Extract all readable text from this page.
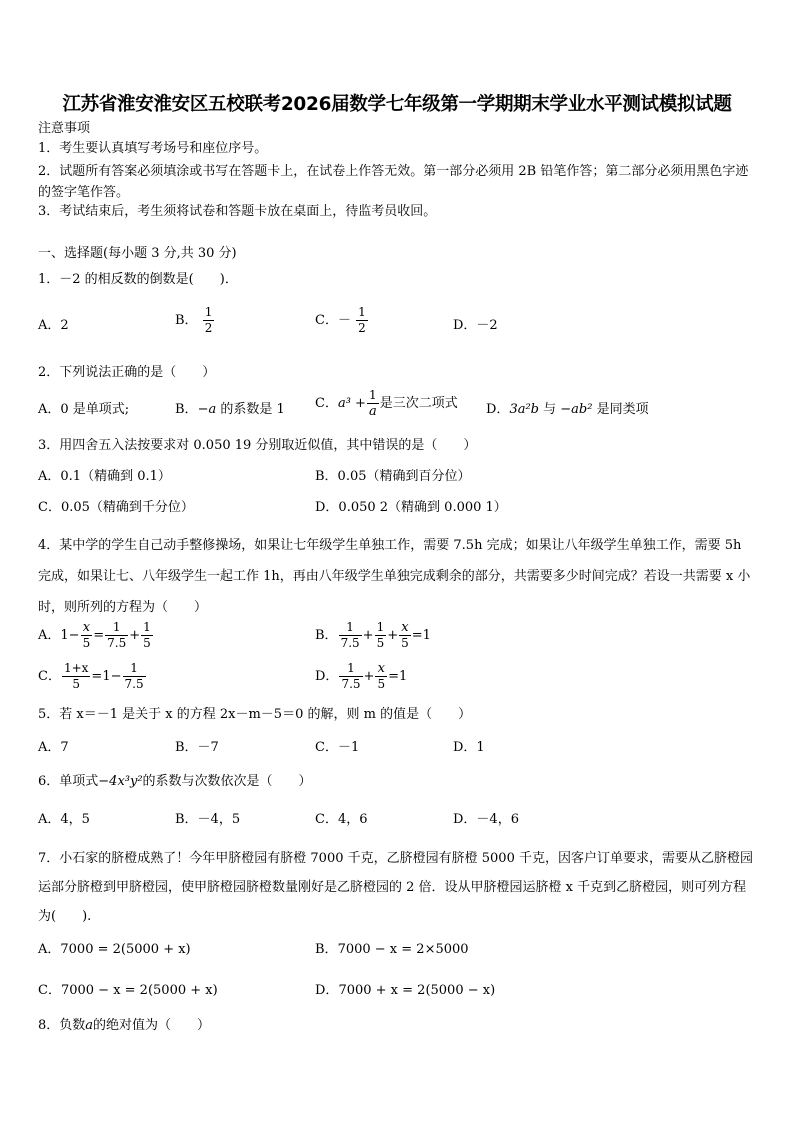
江苏省淮安淮安区五校联考2026届数学七年级第一学期期末学业水平测试模拟试题
注意事项
1．考生要认真填写考场号和座位序号。
2．试题所有答案必须填涂或书写在答题卡上，在试卷上作答无效。第一部分必须用 2B 铅笔作答；第二部分必须用黑色字迹的签字笔作答。
3．考试结束后，考生须将试卷和答题卡放在桌面上，待监考员收回。
一、选择题(每小题 3 分,共 30 分)
1．－2 的相反数的倒数是(　　)．
A．2	B． $\frac{1}{2}$	C．－ $\frac{1}{2}$	D．－2
2．下列说法正确的是（　　）
A．0 是单项式;	B．−a 的系数是 1 C．$a^3 + \frac{1}{a}$ 是三次二项式 D．3a²b 与 −ab² 是同类项
3．用四舍五入法按要求对 0.050 19 分别取近似值，其中错误的是（　　）
A．0.1（精确到 0.1）	B．0.05（精确到百分位）
C．0.05（精确到千分位）	D．0.050 2（精确到 0.000 1）
4．某中学的学生自己动手整修操场，如果让七年级学生单独工作，需要 7.5h 完成；如果让八年级学生单独工作，需要 5h 完成，如果让七、八年级学生一起工作 1h，再由八年级学生单独完成剩余的部分，共需要多少时间完成？若设一共需要 x 小时，则所列的方程为（　　）
A．$1- \frac{x}{5} = \frac{1}{7.5} + \frac{1}{5}$	B． $\frac{1}{7.5} + \frac{1}{5} + \frac{x}{5} =1$
C． $\frac{1+x}{5} =1- \frac{1}{7.5}$	D． $\frac{1}{7.5} + \frac{x}{5} =1$
5．若 x＝－1 是关于 x 的方程 2x－m－5＝0 的解，则 m 的值是（　　）
A．7	B．－7	C．－1	D．1
6．单项式−4x³y²的系数与次数依次是（　　）
A．4，5	B．－4，5	C．4，6	D．－4，6
7．小石家的脐橙成熟了！今年甲脐橙园有脐橙 7000 千克，乙脐橙园有脐橙 5000 千克，因客户订单要求，需要从乙脐橙园运部分脐橙到甲脐橙园，使甲脐橙园脐橙数量刚好是乙脐橙园的 2 倍．设从甲脐橙园运脐橙 x 千克到乙脐橙园，则可列方程为(　　).
A．7000 = 2(5000 + x)	B．7000 − x = 2×5000
C．7000 − x = 2(5000 + x)	D．7000 + x = 2(5000 − x)
8．负数a的绝对值为（　　）
